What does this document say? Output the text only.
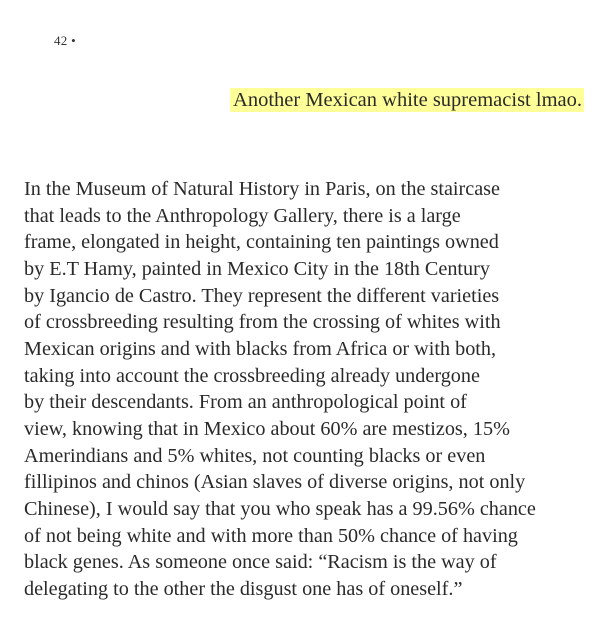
42 •
Another Mexican white supremacist lmao.
In the Museum of Natural History in Paris, on the staircase
that leads to the Anthropology Gallery, there is a large
frame, elongated in height, containing ten paintings owned
by E.T Hamy, painted in Mexico City in the 18th Century
by Igancio de Castro. They represent the different varieties
of crossbreeding resulting from the crossing of whites with
Mexican origins and with blacks from Africa or with both,
taking into account the crossbreeding already undergone
by their descendants. From an anthropological point of
view, knowing that in Mexico about 60% are mestizos, 15%
Amerindians and 5% whites, not counting blacks or even
fillipinos and chinos (Asian slaves of diverse origins, not only
Chinese), I would say that you who speak has a 99.56% chance
of not being white and with more than 50% chance of having
black genes. As someone once said: “Racism is the way of
delegating to the other the disgust one has of oneself.”
